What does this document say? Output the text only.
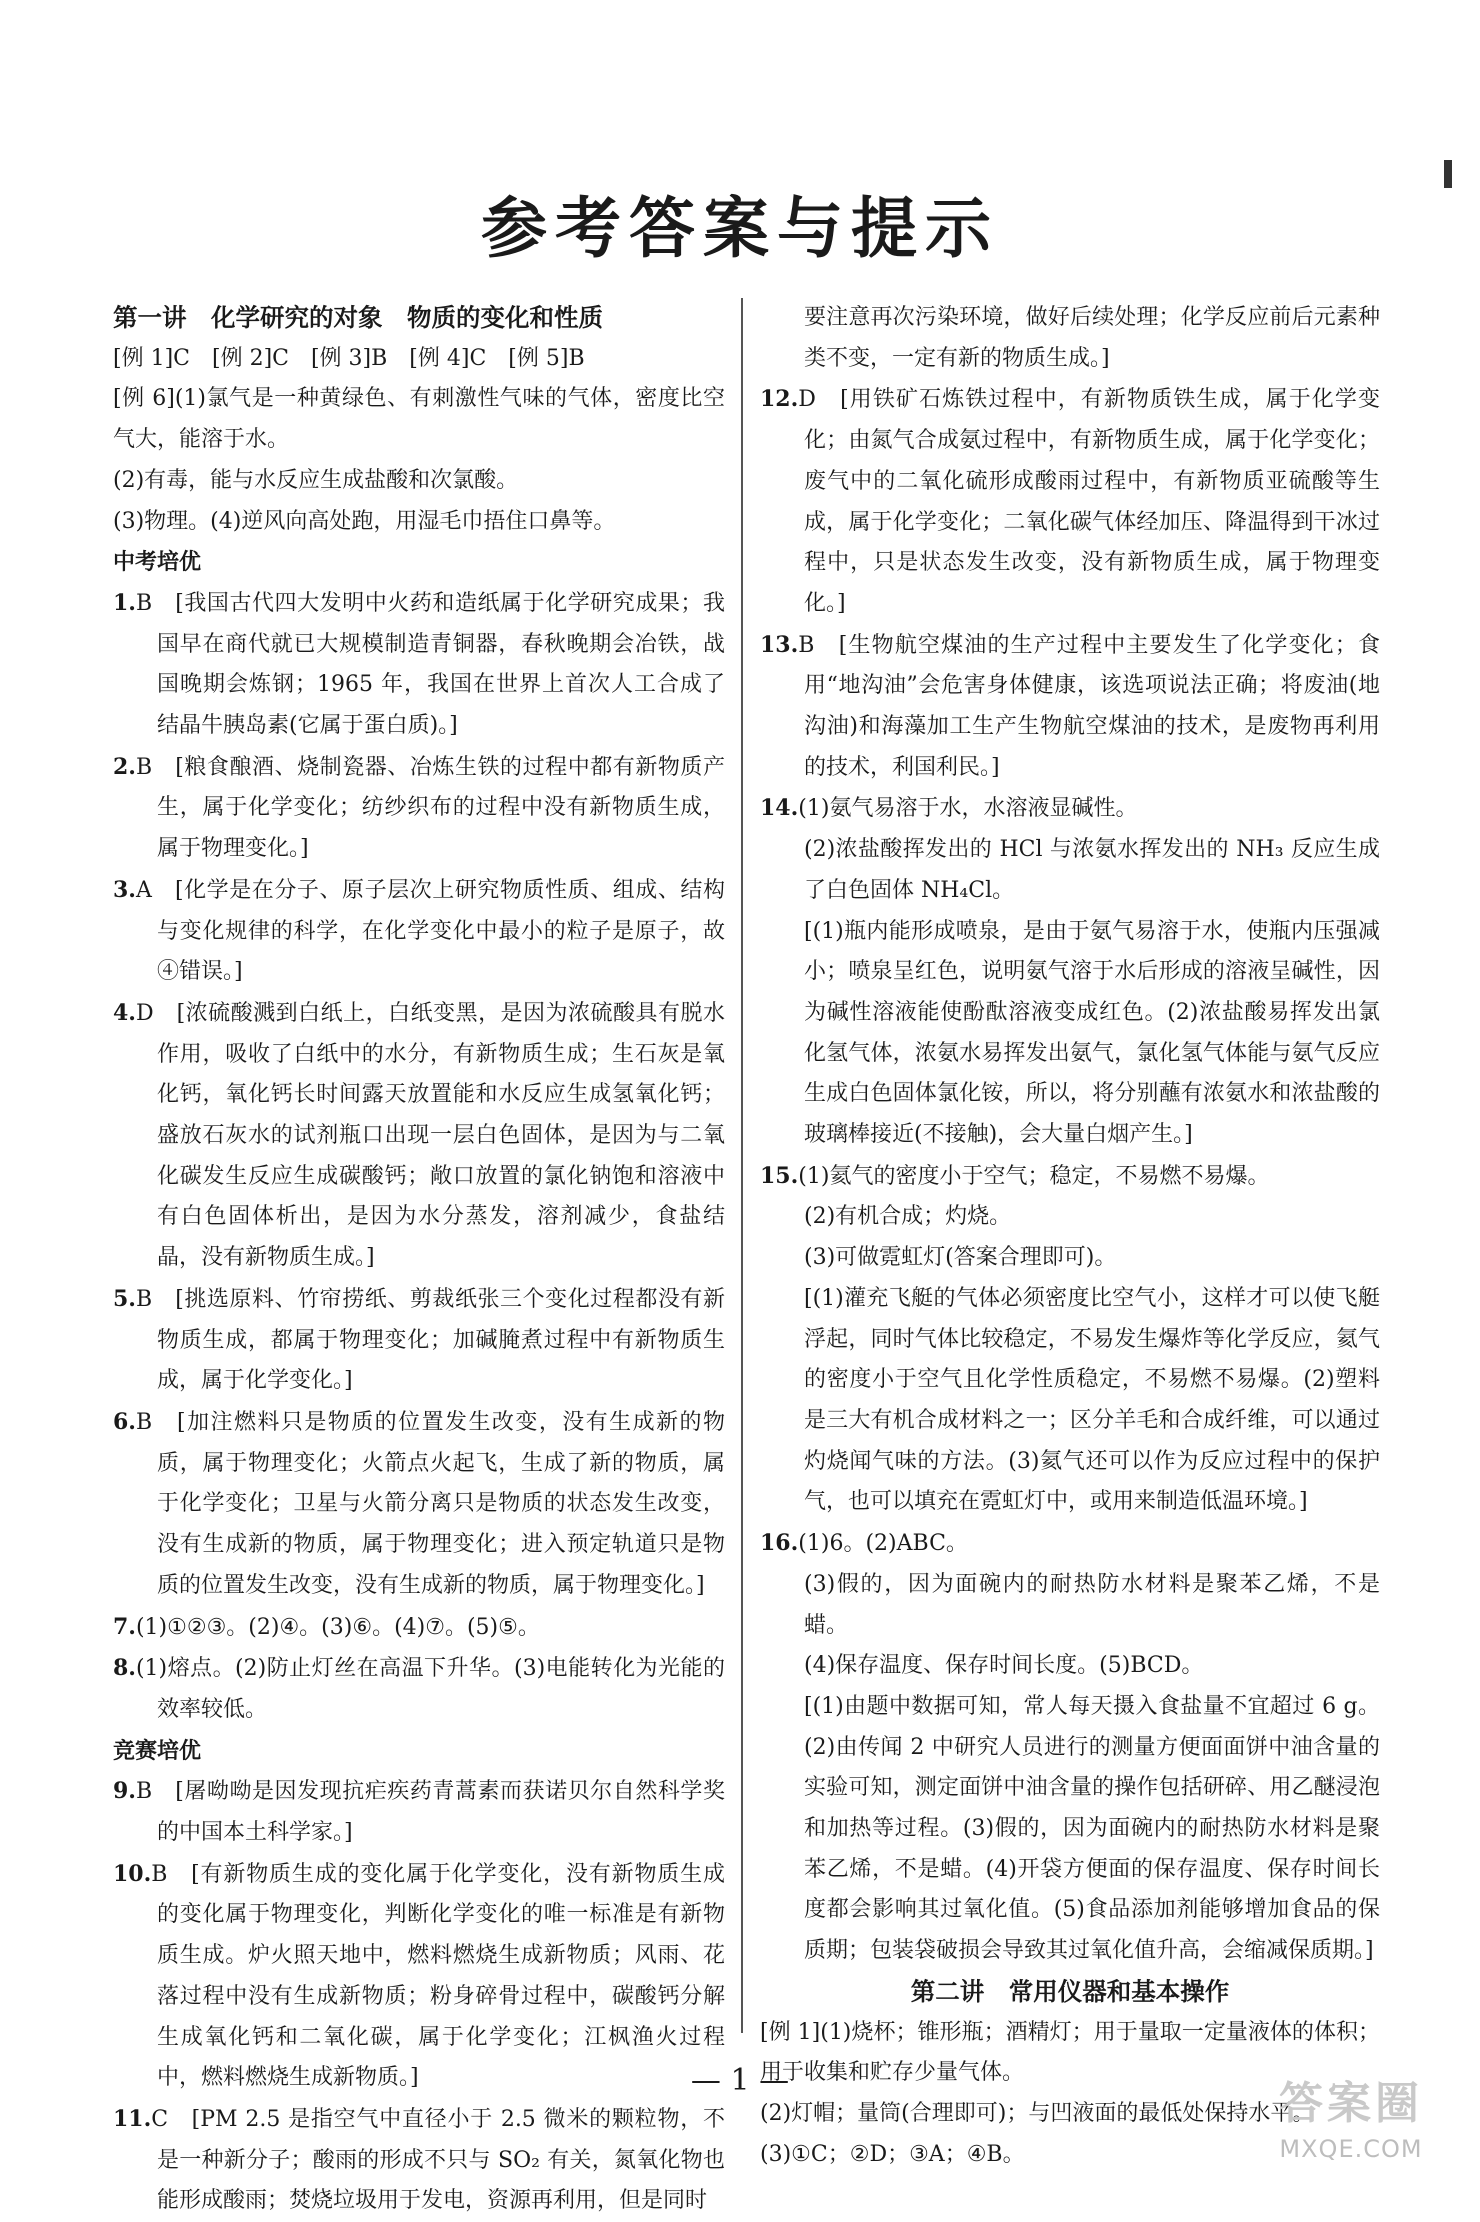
参考答案与提示

第一讲　化学研究的对象　物质的变化和性质

[例 1]C　[例 2]C　[例 3]B　[例 4]C　[例 5]B

[例 6](1)氯气是一种黄绿色、有刺激性气味的气体，密度比空气大，能溶于水。

(2)有毒，能与水反应生成盐酸和次氯酸。

(3)物理。(4)逆风向高处跑，用湿毛巾捂住口鼻等。

中考培优

1.B　[我国古代四大发明中火药和造纸属于化学研究成果；我国早在商代就已大规模制造青铜器，春秋晚期会冶铁，战国晚期会炼钢；1965 年，我国在世界上首次人工合成了结晶牛胰岛素(它属于蛋白质)。]

2.B　[粮食酿酒、烧制瓷器、冶炼生铁的过程中都有新物质产生，属于化学变化；纺纱织布的过程中没有新物质生成，属于物理变化。]

3.A　[化学是在分子、原子层次上研究物质性质、组成、结构与变化规律的科学，在化学变化中最小的粒子是原子，故④错误。]

4.D　[浓硫酸溅到白纸上，白纸变黑，是因为浓硫酸具有脱水作用，吸收了白纸中的水分，有新物质生成；生石灰是氧化钙，氧化钙长时间露天放置能和水反应生成氢氧化钙；盛放石灰水的试剂瓶口出现一层白色固体，是因为与二氧化碳发生反应生成碳酸钙；敞口放置的氯化钠饱和溶液中有白色固体析出，是因为水分蒸发，溶剂减少，食盐结晶，没有新物质生成。]

5.B　[挑选原料、竹帘捞纸、剪裁纸张三个变化过程都没有新物质生成，都属于物理变化；加碱腌煮过程中有新物质生成，属于化学变化。]

6.B　[加注燃料只是物质的位置发生改变，没有生成新的物质，属于物理变化；火箭点火起飞，生成了新的物质，属于化学变化；卫星与火箭分离只是物质的状态发生改变，没有生成新的物质，属于物理变化；进入预定轨道只是物质的位置发生改变，没有生成新的物质，属于物理变化。]

7.(1)①②③。(2)④。(3)⑥。(4)⑦。(5)⑤。

8.(1)熔点。(2)防止灯丝在高温下升华。(3)电能转化为光能的效率较低。

竞赛培优

9.B　[屠呦呦是因发现抗疟疾药青蒿素而获诺贝尔自然科学奖的中国本土科学家。]

10.B　[有新物质生成的变化属于化学变化，没有新物质生成的变化属于物理变化，判断化学变化的唯一标准是有新物质生成。炉火照天地中，燃料燃烧生成新物质；风雨、花落过程中没有生成新物质；粉身碎骨过程中，碳酸钙分解生成氧化钙和二氧化碳，属于化学变化；江枫渔火过程中，燃料燃烧生成新物质。]

11.C　[PM 2.5 是指空气中直径小于 2.5 微米的颗粒物，不是一种新分子；酸雨的形成不只与 SO₂ 有关，氮氧化物也能形成酸雨；焚烧垃圾用于发电，资源再利用，但是同时

要注意再次污染环境，做好后续处理；化学反应前后元素种类不变，一定有新的物质生成。]

12.D　[用铁矿石炼铁过程中，有新物质铁生成，属于化学变化；由氮气合成氨过程中，有新物质生成，属于化学变化；废气中的二氧化硫形成酸雨过程中，有新物质亚硫酸等生成，属于化学变化；二氧化碳气体经加压、降温得到干冰过程中，只是状态发生改变，没有新物质生成，属于物理变化。]

13.B　[生物航空煤油的生产过程中主要发生了化学变化；食用“地沟油”会危害身体健康，该选项说法正确；将废油(地沟油)和海藻加工生产生物航空煤油的技术，是废物再利用的技术，利国利民。]

14.(1)氨气易溶于水，水溶液显碱性。

(2)浓盐酸挥发出的 HCl 与浓氨水挥发出的 NH₃ 反应生成了白色固体 NH₄Cl。

[(1)瓶内能形成喷泉，是由于氨气易溶于水，使瓶内压强减小；喷泉呈红色，说明氨气溶于水后形成的溶液呈碱性，因为碱性溶液能使酚酞溶液变成红色。(2)浓盐酸易挥发出氯化氢气体，浓氨水易挥发出氨气，氯化氢气体能与氨气反应生成白色固体氯化铵，所以，将分别蘸有浓氨水和浓盐酸的玻璃棒接近(不接触)，会大量白烟产生。]

15.(1)氦气的密度小于空气；稳定，不易燃不易爆。

(2)有机合成；灼烧。

(3)可做霓虹灯(答案合理即可)。

[(1)灌充飞艇的气体必须密度比空气小，这样才可以使飞艇浮起，同时气体比较稳定，不易发生爆炸等化学反应，氦气的密度小于空气且化学性质稳定，不易燃不易爆。(2)塑料是三大有机合成材料之一；区分羊毛和合成纤维，可以通过灼烧闻气味的方法。(3)氦气还可以作为反应过程中的保护气，也可以填充在霓虹灯中，或用来制造低温环境。]

16.(1)6。(2)ABC。

(3)假的，因为面碗内的耐热防水材料是聚苯乙烯，不是蜡。

(4)保存温度、保存时间长度。(5)BCD。

[(1)由题中数据可知，常人每天摄入食盐量不宜超过 6 g。(2)由传闻 2 中研究人员进行的测量方便面面饼中油含量的实验可知，测定面饼中油含量的操作包括研碎、用乙醚浸泡和加热等过程。(3)假的，因为面碗内的耐热防水材料是聚苯乙烯，不是蜡。(4)开袋方便面的保存温度、保存时间长度都会影响其过氧化值。(5)食品添加剂能够增加食品的保质期；包装袋破损会导致其过氧化值升高，会缩减保质期。]

第二讲　常用仪器和基本操作

[例 1](1)烧杯；锥形瓶；酒精灯；用于量取一定量液体的体积；用于收集和贮存少量气体。

(2)灯帽；量筒(合理即可)；与凹液面的最低处保持水平。

(3)①C；②D；③A；④B。

— 1 —	答案圈
MXQE.COM
